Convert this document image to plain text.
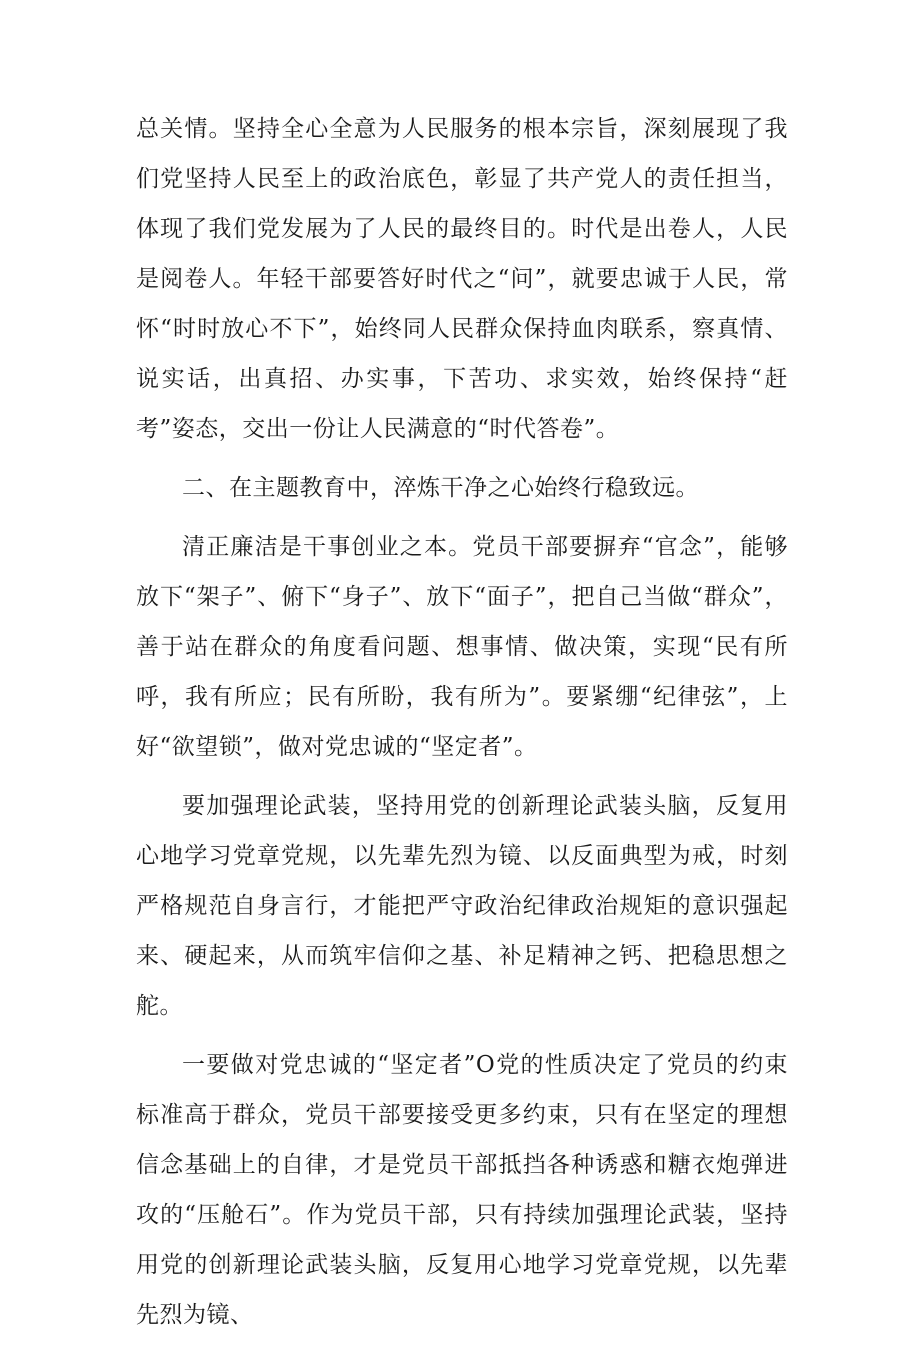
总关情。坚持全心全意为人民服务的根本宗旨，深刻展现了我们党坚持人民至上的政治底色，彰显了共产党人的责任担当，体现了我们党发展为了人民的最终目的。时代是出卷人，人民是阅卷人。年轻干部要答好时代之“问”，就要忠诚于人民，常怀“时时放心不下”，始终同人民群众保持血肉联系，察真情、说实话，出真招、办实事，下苦功、求实效，始终保持“赶考”姿态，交出一份让人民满意的“时代答卷”。

二、在主题教育中，淬炼干净之心始终行稳致远。

清正廉洁是干事创业之本。党员干部要摒弃“官念”，能够放下“架子”、俯下“身子”、放下“面子”，把自己当做“群众”，善于站在群众的角度看问题、想事情、做决策，实现“民有所呼，我有所应；民有所盼，我有所为”。要紧绷“纪律弦”，上好“欲望锁”，做对党忠诚的“坚定者”。

要加强理论武装，坚持用党的创新理论武装头脑，反复用心地学习党章党规，以先辈先烈为镜、以反面典型为戒，时刻严格规范自身言行，才能把严守政治纪律政治规矩的意识强起来、硬起来，从而筑牢信仰之基、补足精神之钙、把稳思想之舵。

一要做对党忠诚的“坚定者”O党的性质决定了党员的约束标准高于群众，党员干部要接受更多约束，只有在坚定的理想信念基础上的自律，才是党员干部抵挡各种诱惑和糖衣炮弹进攻的“压舱石”。作为党员干部，只有持续加强理论武装，坚持用党的创新理论武装头脑，反复用心地学习党章党规，以先辈先烈为镜、
